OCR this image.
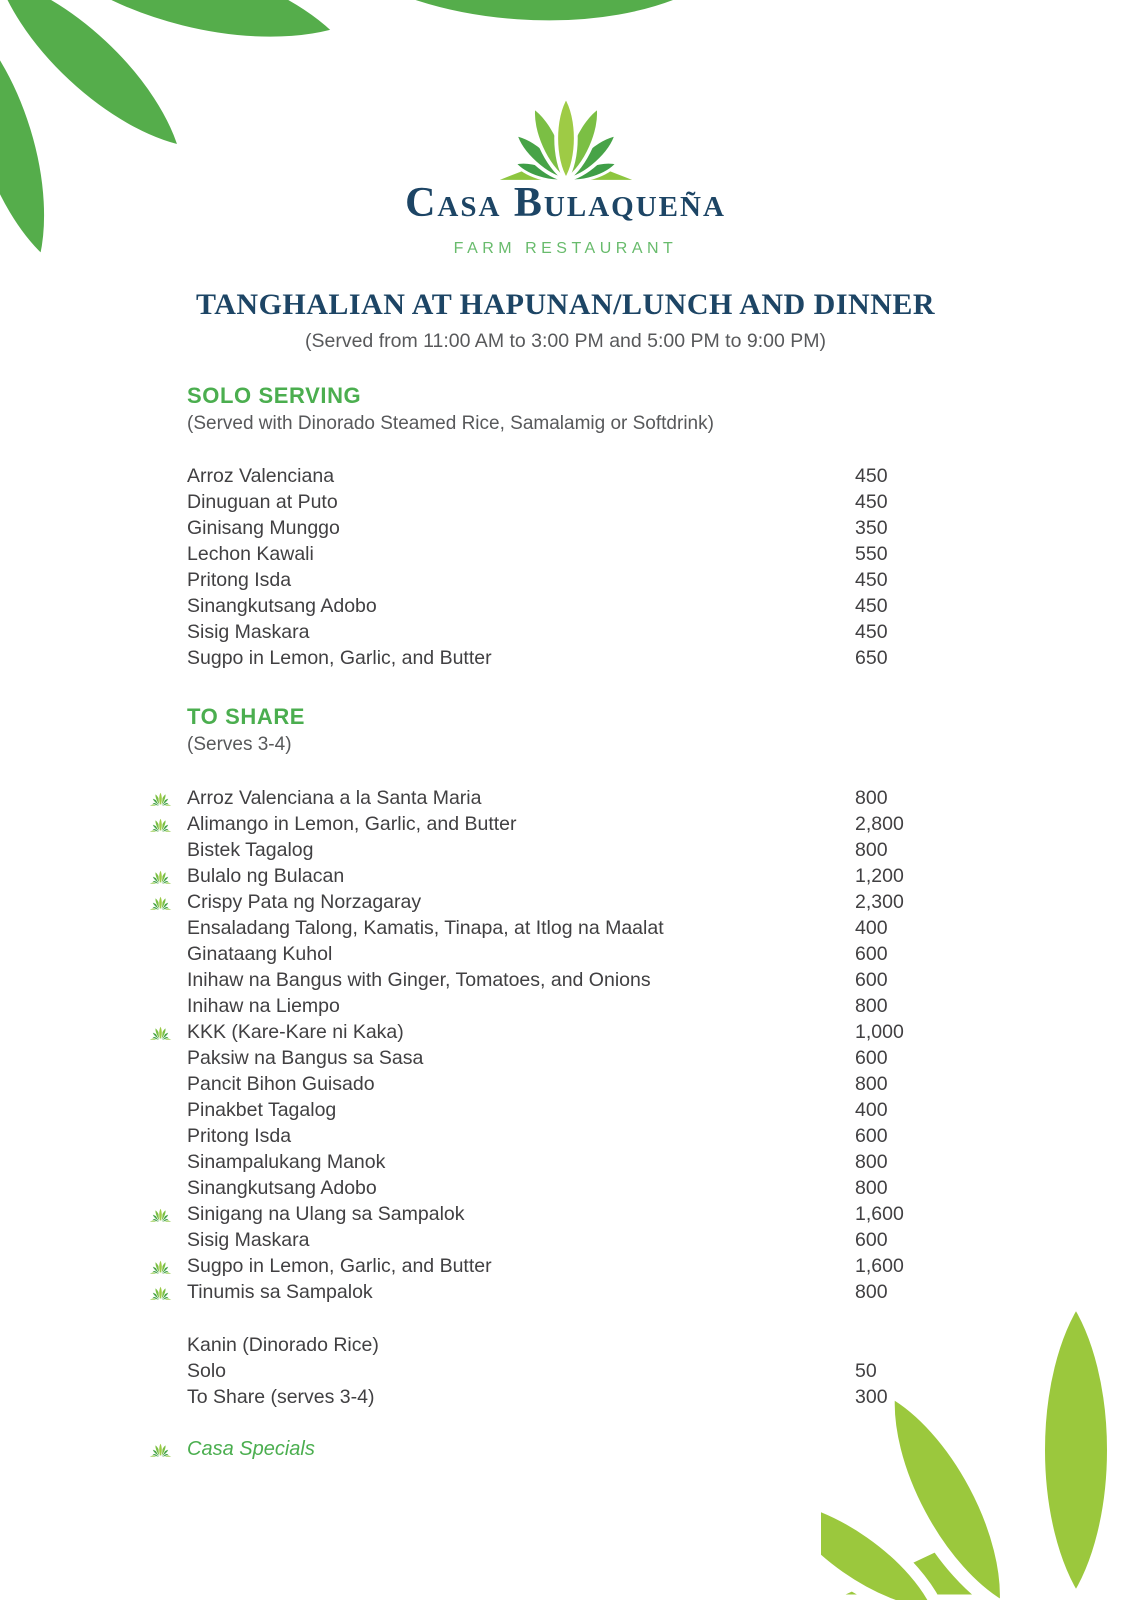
Casa Bulaqueña
FARM RESTAURANT
TANGHALIAN AT HAPUNAN/LUNCH AND DINNER
(Served from 11:00 AM to 3:00 PM and 5:00 PM to 9:00 PM)
SOLO SERVING

(Served with Dinorado Steamed Rice, Samalamig or Softdrink)

Arroz Valenciana	450
Dinuguan at Puto	450
Ginisang Munggo	350
Lechon Kawali	550
Pritong Isda	450
Sinangkutsang Adobo	450
Sisig Maskara	450
Sugpo in Lemon, Garlic, and Butter	650
TO SHARE

(Serves 3-4)

Arroz Valenciana a la Santa Maria	800
Alimango in Lemon, Garlic, and Butter	2,800
Bistek Tagalog	800
Bulalo ng Bulacan	1,200
Crispy Pata ng Norzagaray	2,300
Ensaladang Talong, Kamatis, Tinapa, at Itlog na Maalat	400
Ginataang Kuhol	600
Inihaw na Bangus with Ginger, Tomatoes, and Onions	600
Inihaw na Liempo	800
KKK (Kare-Kare ni Kaka)	1,000
Paksiw na Bangus sa Sasa	600
Pancit Bihon Guisado	800
Pinakbet Tagalog	400
Pritong Isda	600
Sinampalukang Manok	800
Sinangkutsang Adobo	800
Sinigang na Ulang sa Sampalok	1,600
Sisig Maskara	600
Sugpo in Lemon, Garlic, and Butter	1,600
Tinumis sa Sampalok	800
Kanin (Dinorado Rice)
Solo	50
To Share (serves 3-4)	300
Casa Specials
